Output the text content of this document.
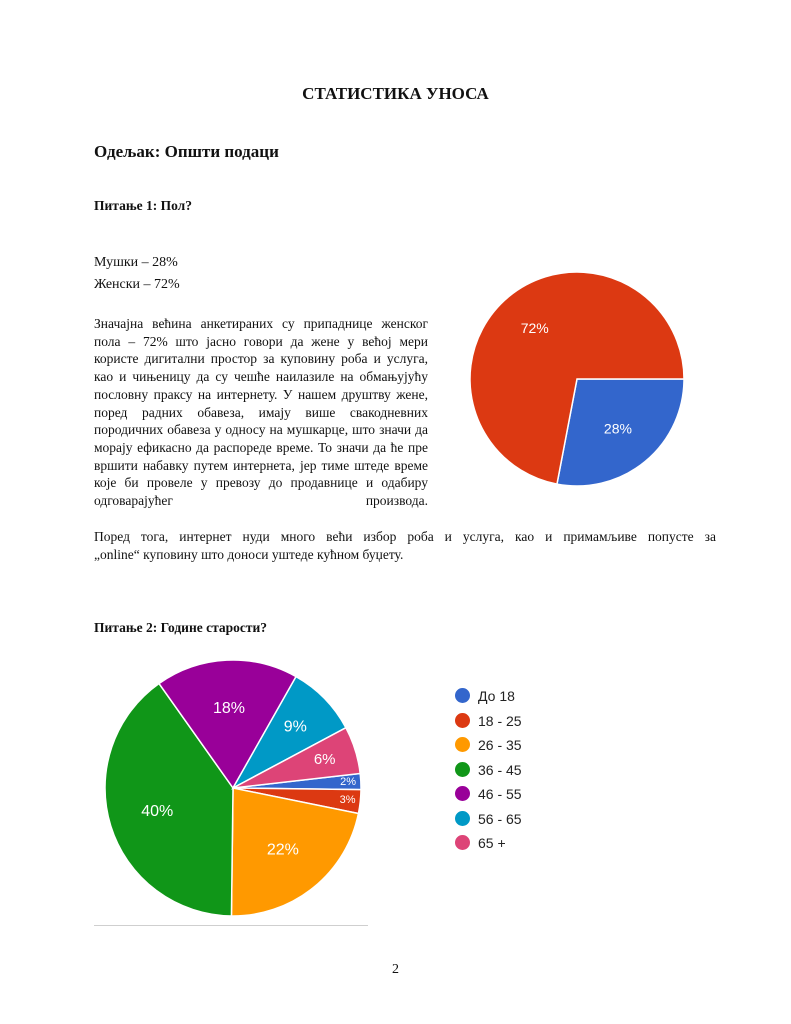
СТАТИСТИКА УНОСА
Одељак: Општи подаци
Питање 1: Пол?
Мушки – 28%
Женски – 72%
Значајна већина анкетираних су припаднице женског пола – 72% што јасно говори да жене у већој мери користе дигитални простор за куповину роба и услуга, као и чињеницу да су чешће наилазиле на обмањујућу пословну праксу на интернету. У нашем друштву жене, поред радних обавеза, имају више свакодневних породичних обавеза у односу на мушкарце, што значи да морају ефикасно да распореде време. То значи да ће пре вршити набавку путем интернета, јер тиме штеде време које би провеле у превозу до продавнице и одабиру одговарајућег производа.
Поред тога, интернет нуди много већи избор роба и услуга, као и примамљиве попусте за
„online“ куповину што доноси уштеде кућном буџету.
28%
72%
Питање 2: Године старости?
2%
3%
22%
40%
18%
9%
6%
До 18
18 - 25
26 - 35
36 - 45
46 - 55
56 - 65
65 +
2
